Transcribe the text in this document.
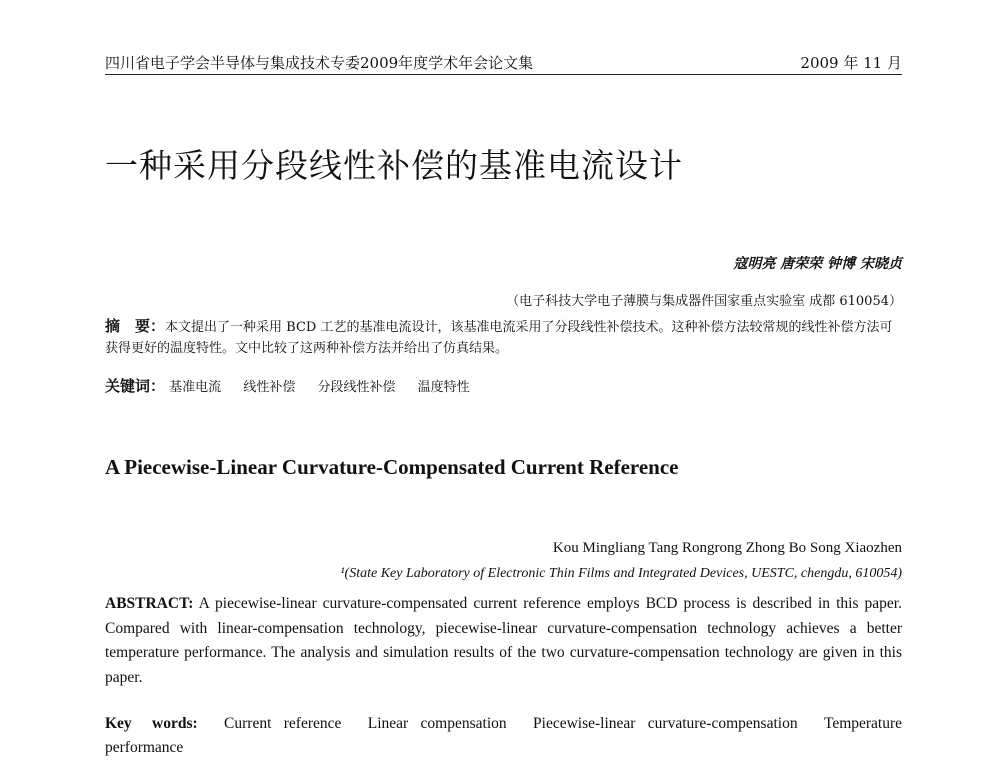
四川省电子学会半导体与集成技术专委2009年度学术年会论文集	2009 年 11 月
一种采用分段线性补偿的基准电流设计
寇明亮 唐荣荣 钟博 宋晓贞
（电子科技大学电子薄膜与集成器件国家重点实验室 成都 610054）
摘　要：本文提出了一种采用 BCD 工艺的基准电流设计，该基准电流采用了分段线性补偿技术。这种补偿方法较常规的线性补偿方法可获得更好的温度特性。文中比较了这两种补偿方法并给出了仿真结果。
关键词： 基准电流 线性补偿 分段线性补偿 温度特性
A Piecewise-Linear Curvature-Compensated Current Reference
Kou Mingliang Tang Rongrong Zhong Bo Song Xiaozhen
¹(State Key Laboratory of Electronic Thin Films and Integrated Devices, UESTC, chengdu, 610054)
ABSTRACT: A piecewise-linear curvature-compensated current reference employs BCD process is described in this paper. Compared with linear-compensation technology, piecewise-linear curvature-compensation technology achieves a better temperature performance. The analysis and simulation results of the two curvature-compensation technology are given in this paper.
Key words: Current reference Linear compensation Piecewise-linear curvature-compensation Temperature performance
